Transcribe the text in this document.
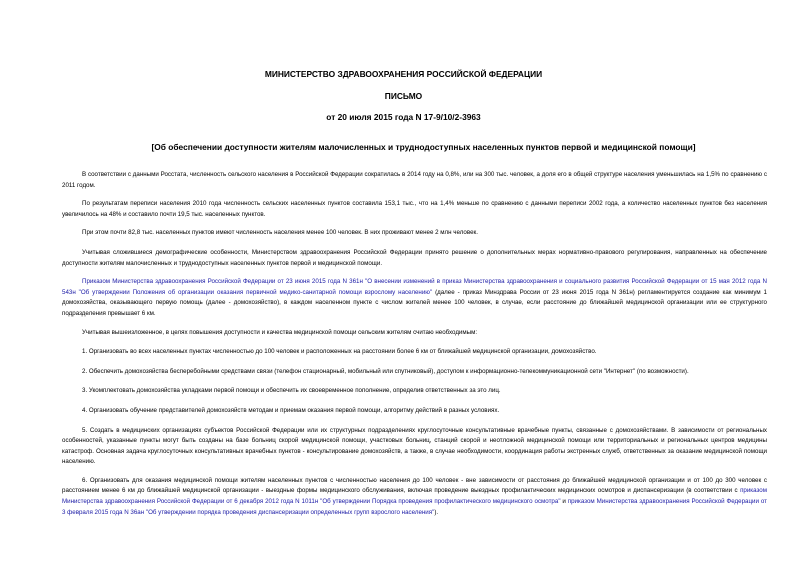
МИНИСТЕРСТВО ЗДРАВООХРАНЕНИЯ РОССИЙСКОЙ ФЕДЕРАЦИИ
ПИСЬМО
от 20 июля 2015 года N 17-9/10/2-3963
[Об обеспечении доступности жителям малочисленных и труднодоступных населенных пунктов первой и медицинской помощи]

В соответствии с данными Росстата, численность сельского населения в Российской Федерации сократилась в 2014 году на 0,8%, или на 300 тыс. человек, а доля его в общей структуре населения уменьшилась на 1,5% по сравнению с 2011 годом.

По результатам переписи населения 2010 года численность сельских населенных пунктов составила 153,1 тыс., что на 1,4% меньше по сравнению с данными переписи 2002 года, а количество населенных пунктов без населения увеличилось на 48% и составило почти 19,5 тыс. населенных пунктов.

При этом почти 82,8 тыс. населенных пунктов имеют численность населения менее 100 человек. В них проживают менее 2 млн человек.

Учитывая сложившиеся демографические особенности, Министерством здравоохранения Российской Федерации принято решение о дополнительных мерах нормативно-правового регулирования, направленных на обеспечение доступности жителям малочисленных и труднодоступных населенных пунктов первой и медицинской помощи.

Приказом Министерства здравоохранения Российской Федерации от 23 июня 2015 года N 361н "О внесении изменений в приказ Министерства здравоохранения и социального развития Российской Федерации от 15 мая 2012 года N 543н "Об утверждении Положения об организации оказания первичной медико-санитарной помощи взрослому населению" (далее - приказ Минздрава России от 23 июня 2015 года N 361н) регламентируется создание как минимум 1 домохозяйства, оказывающего первую помощь (далее - домохозяйство), в каждом населенном пункте с числом жителей менее 100 человек, в случае, если расстояние до ближайшей медицинской организации или ее структурного подразделения превышает 6 км.

Учитывая вышеизложенное, в целях повышения доступности и качества медицинской помощи сельским жителям считаю необходимым:

1. Организовать во всех населенных пунктах численностью до 100 человек и расположенных на расстоянии более 6 км от ближайшей медицинской организации, домохозяйство.

2. Обеспечить домохозяйства бесперебойными средствами связи (телефон стационарный, мобильный или спутниковый), доступом к информационно-телекоммуникационной сети "Интернет" (по возможности).

3. Укомплектовать домохозяйства укладками первой помощи и обеспечить их своевременное пополнение, определив ответственных за это лиц.

4. Организовать обучение представителей домохозяйств методам и приемам оказания первой помощи, алгоритму действий в разных условиях.

5. Создать в медицинских организациях субъектов Российской Федерации или их структурных подразделениях круглосуточные консультативные врачебные пункты, связанные с домохозяйствами. В зависимости от региональных особенностей, указанные пункты могут быть созданы на базе больниц скорой медицинской помощи, участковых больниц, станций скорой и неотложной медицинской помощи или территориальных и региональных центров медицины катастроф. Основная задача круглосуточных консультативных врачебных пунктов - консультирование домохозяйств, а также, в случае необходимости, координация работы экстренных служб, ответственных за оказание медицинской помощи населению.

6. Организовать для оказания медицинской помощи жителям населенных пунктов с численностью населения до 100 человек - вне зависимости от расстояния до ближайшей медицинской организации и от 100 до 300 человек с расстоянием менее 6 км до ближайшей медицинской организации - выездные формы медицинского обслуживания, включая проведение выездных профилактических медицинских осмотров и диспансеризации (в соответствии с приказом Министерства здравоохранения Российской Федерации от 6 декабря 2012 года N 1011н "Об утверждении Порядка проведения профилактического медицинского осмотра" и приказом Министерства здравоохранения Российской Федерации от 3 февраля 2015 года N 36ан "Об утверждении порядка проведения диспансеризации определенных групп взрослого населения").
